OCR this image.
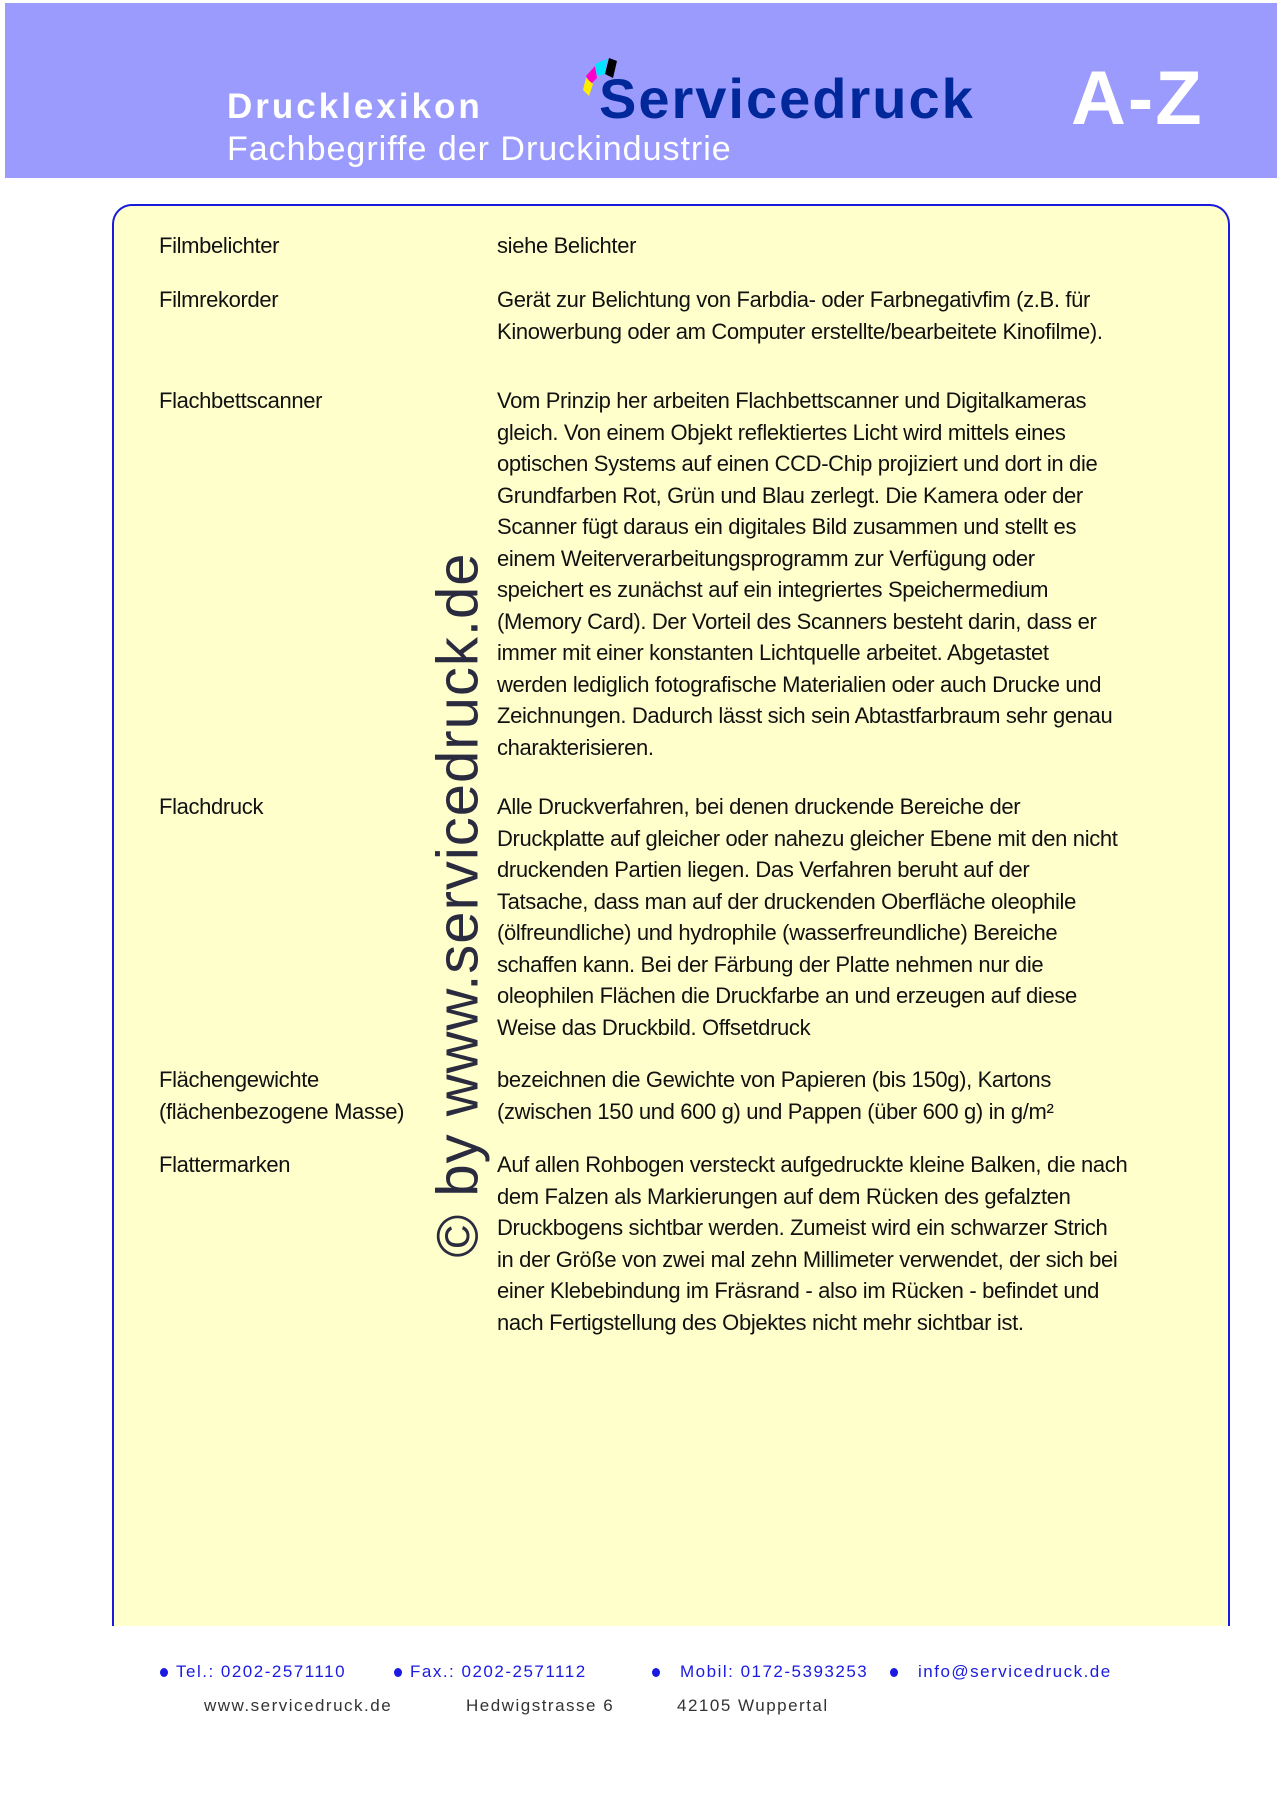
Drucklexikon
Fachbegriffe der Druckindustrie
Servicedruck A-Z
© by www.servicedruck.de
Filmbelichter	siehe Belichter
Filmrekorder	Gerät zur Belichtung von Farbdia- oder Farbnegativfim (z.B. für
Kinowerbung oder am Computer erstellte/bearbeitete Kinofilme).
Flachbettscanner	Vom Prinzip her arbeiten Flachbettscanner und Digitalkameras
gleich. Von einem Objekt reflektiertes Licht wird mittels eines
optischen Systems auf einen CCD-Chip projiziert und dort in die
Grundfarben Rot, Grün und Blau zerlegt. Die Kamera oder der
Scanner fügt daraus ein digitales Bild zusammen und stellt es
einem Weiterverarbeitungsprogramm zur Verfügung oder
speichert es zunächst auf ein integriertes Speichermedium
(Memory Card). Der Vorteil des Scanners besteht darin, dass er
immer mit einer konstanten Lichtquelle arbeitet. Abgetastet
werden lediglich fotografische Materialien oder auch Drucke und
Zeichnungen. Dadurch lässt sich sein Abtastfarbraum sehr genau
charakterisieren.
Flachdruck	Alle Druckverfahren, bei denen druckende Bereiche der
Druckplatte auf gleicher oder nahezu gleicher Ebene mit den nicht
druckenden Partien liegen. Das Verfahren beruht auf der
Tatsache, dass man auf der druckenden Oberfläche oleophile
(ölfreundliche) und hydrophile (wasserfreundliche) Bereiche
schaffen kann. Bei der Färbung der Platte nehmen nur die
oleophilen Flächen die Druckfarbe an und erzeugen auf diese
Weise das Druckbild. Offsetdruck
Flächengewichte
(flächenbezogene Masse)
bezeichnen die Gewichte von Papieren (bis 150g), Kartons
(zwischen 150 und 600 g) und Pappen (über 600 g) in g/m²
Flattermarken	Auf allen Rohbogen versteckt aufgedruckte kleine Balken, die nach
dem Falzen als Markierungen auf dem Rücken des gefalzten
Druckbogens sichtbar werden. Zumeist wird ein schwarzer Strich
in der Größe von zwei mal zehn Millimeter verwendet, der sich bei
einer Klebebindung im Fräsrand - also im Rücken - befindet und
nach Fertigstellung des Objektes nicht mehr sichtbar ist.
Tel.: 0202-2571110	Fax.: 0202-2571112	Mobil: 0172-5393253	info@servicedruck.de
www.servicedruck.de	Hedwigstrasse 6	42105 Wuppertal
